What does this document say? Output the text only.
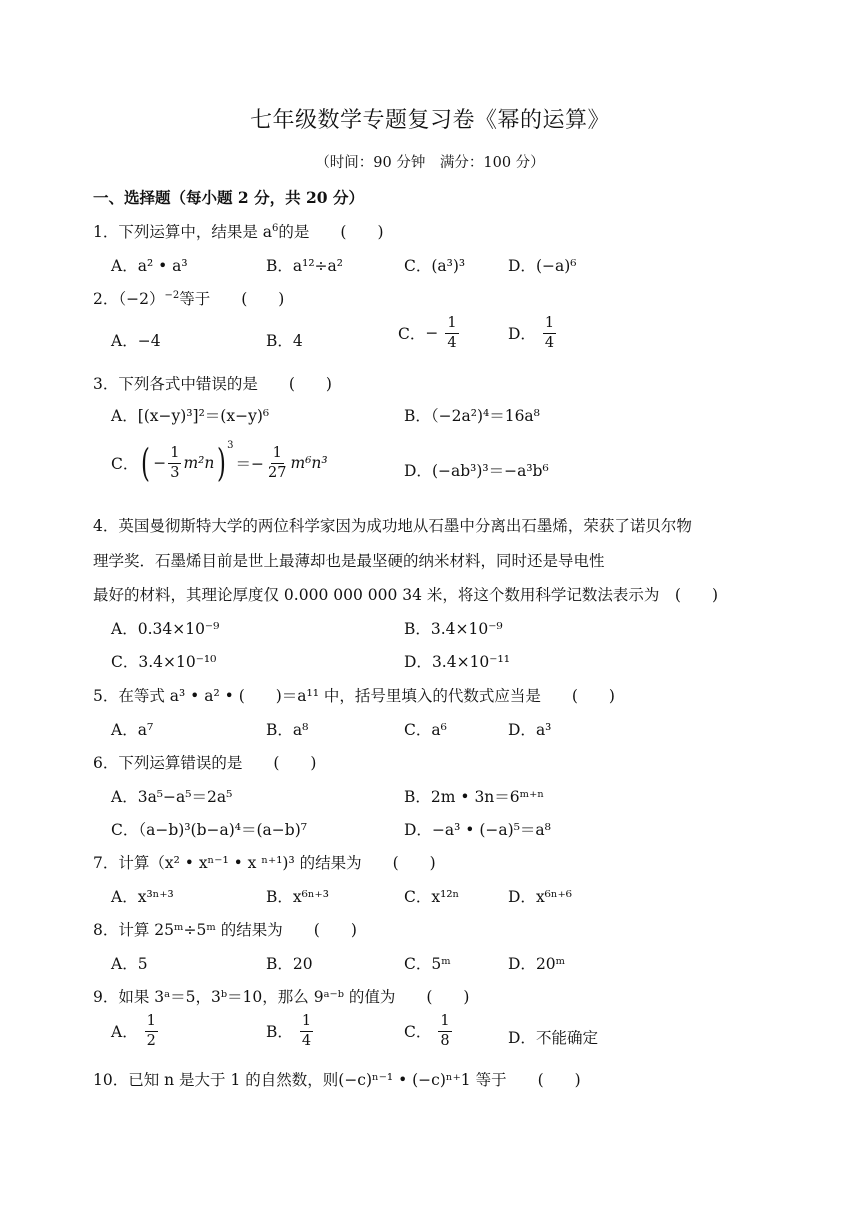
七年级数学专题复习卷《幂的运算》
（时间：90 分钟　满分：100 分）
一、选择题（每小题 2 分，共 20 分）
1．下列运算中，结果是 $a^6$的是　　(　　)
A．a² • a³	B．a¹²÷a²	C．(a³)³	D．(−a)⁶
2．$(-2)^{-2}$等于　　(　　)
A．−4	B．4	C．− $\frac{1}{4}$	D． $\frac{1}{4}$
3．下列各式中错误的是　　(　　)
A．[(x−y)³]²＝(x−y)⁶	B．（−2a²)⁴＝16a⁸
C． ( − $\frac{1}{3} m^2n$ ) 3
＝− $\frac{1}{27} m^6n^3$	D．(−ab³)³＝−a³b⁶
4．英国曼彻斯特大学的两位科学家因为成功地从石墨中分离出石墨烯，荣获了诺贝尔物
理学奖．石墨烯目前是世上最薄却也是最坚硬的纳米材料，同时还是导电性
最好的材料，其理论厚度仅 0.000 000 000 34 米，将这个数用科学记数法表示为　(　　)
A．0.34×10⁻⁹	B．3.4×10⁻⁹
C．3.4×10⁻¹⁰	D．3.4×10⁻¹¹
5．在等式 a³ • a² • (　　)＝a¹¹ 中，括号里填入的代数式应当是　　(　　)
A．a⁷	B．a⁸	C．a⁶	D．a³
6．下列运算错误的是　　(　　)
A．3a⁵−a⁵＝2a⁵	B．2m • 3n＝6ᵐ⁺ⁿ
C．（a−b)³(b−a)⁴＝(a−b)⁷	D．−a³ • (−a)⁵＝a⁸
7．计算（x² • xⁿ⁻¹ • x ⁿ⁺¹)³ 的结果为　　(　　)
A．x³ⁿ⁺³	B．x⁶ⁿ⁺³	C．x¹²ⁿ	D．x⁶ⁿ⁺⁶
8．计算 25ᵐ÷5ᵐ 的结果为　　(　　)
A．5	B．20	C．5ᵐ	D．20ᵐ
9．如果 3ᵃ＝5，3ᵇ＝10，那么 9ᵃ⁻ᵇ 的值为　　(　　)
A． $\frac{1}{2}$	B． $\frac{1}{4}$	C． $\frac{1}{8}$	D．不能确定
10．已知 n 是大于 1 的自然数，则(−c)ⁿ⁻¹ • (−c)ⁿ⁺1 等于　　(　　)
